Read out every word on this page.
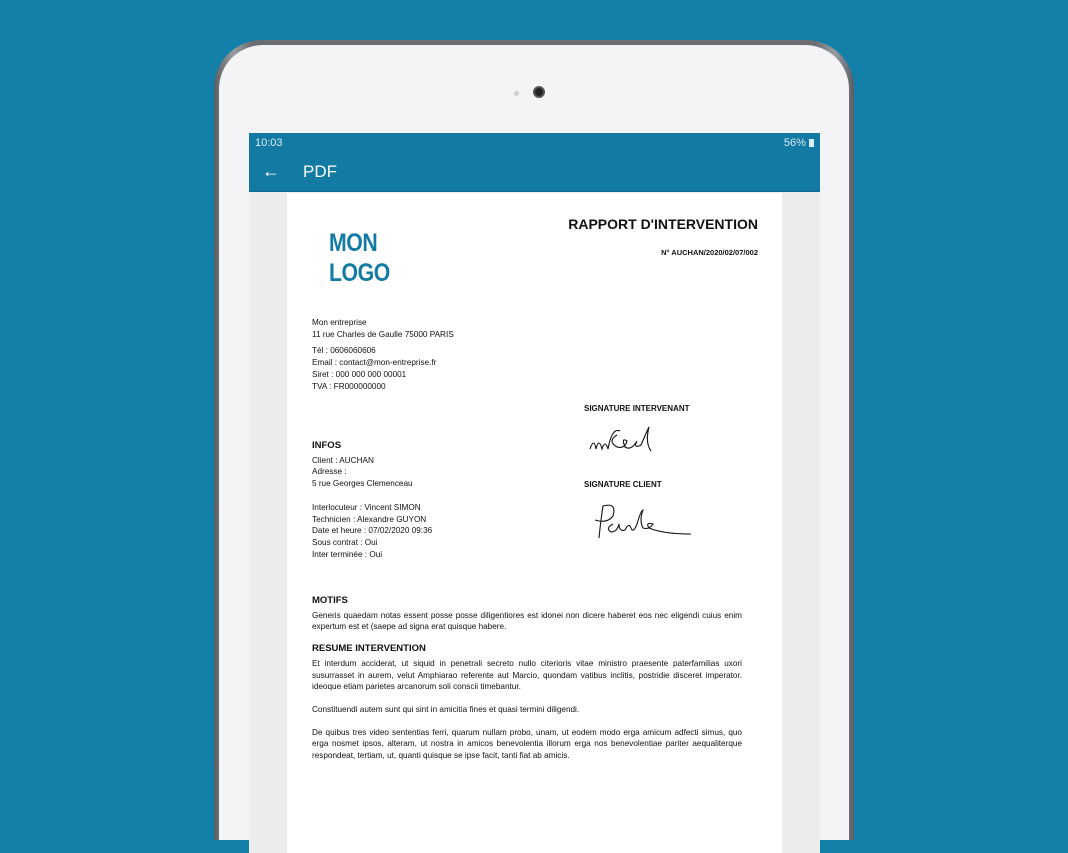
10:03	56%
←	PDF
MON
LOGO
RAPPORT D'INTERVENTION
N° AUCHAN/2020/02/07/002
Mon entreprise
11 rue Charles de Gaulle 75000 PARIS
Tél : 0606060606
Email : contact@mon-entreprise.fr
Siret : 000 000 000 00001
TVA : FR000000000
INFOS
Client : AUCHAN
Adresse :
5 rue Georges Clemenceau
Interlocuteur : Vincent SIMON
Technicien : Alexandre GUYON
Date et heure : 07/02/2020 09:36
Sous contrat : Oui
Inter terminée : Oui
SIGNATURE INTERVENANT
SIGNATURE CLIENT
MOTIFS
Generis quaedam notas essent posse posse diligentiores est idonei non dicere haberet eos nec eligendi cuius enim expertum est et (saepe ad signa erat quisque habere.
RESUME INTERVENTION
Et interdum acciderat, ut siquid in penetrali secreto nullo citerioris vitae ministro praesente paterfamilias uxori susurrasset in aurem, velut Amphiarao referente aut Marcio, quondam vatibus inclitis, postridie disceret imperator. ideoque etiam parietes arcanorum soli conscii timebantur.
Constituendi autem sunt qui sint in amicitia fines et quasi termini diligendi.
De quibus tres video sententias ferri, quarum nullam probo, unam, ut eodem modo erga amicum adfecti simus, quo erga nosmet ipsos, alteram, ut nostra in amicos benevolentia illorum erga nos benevolentiae pariter aequaliterque respondeat, tertiam, ut, quanti quisque se ipse facit, tanti fiat ab amicis.
